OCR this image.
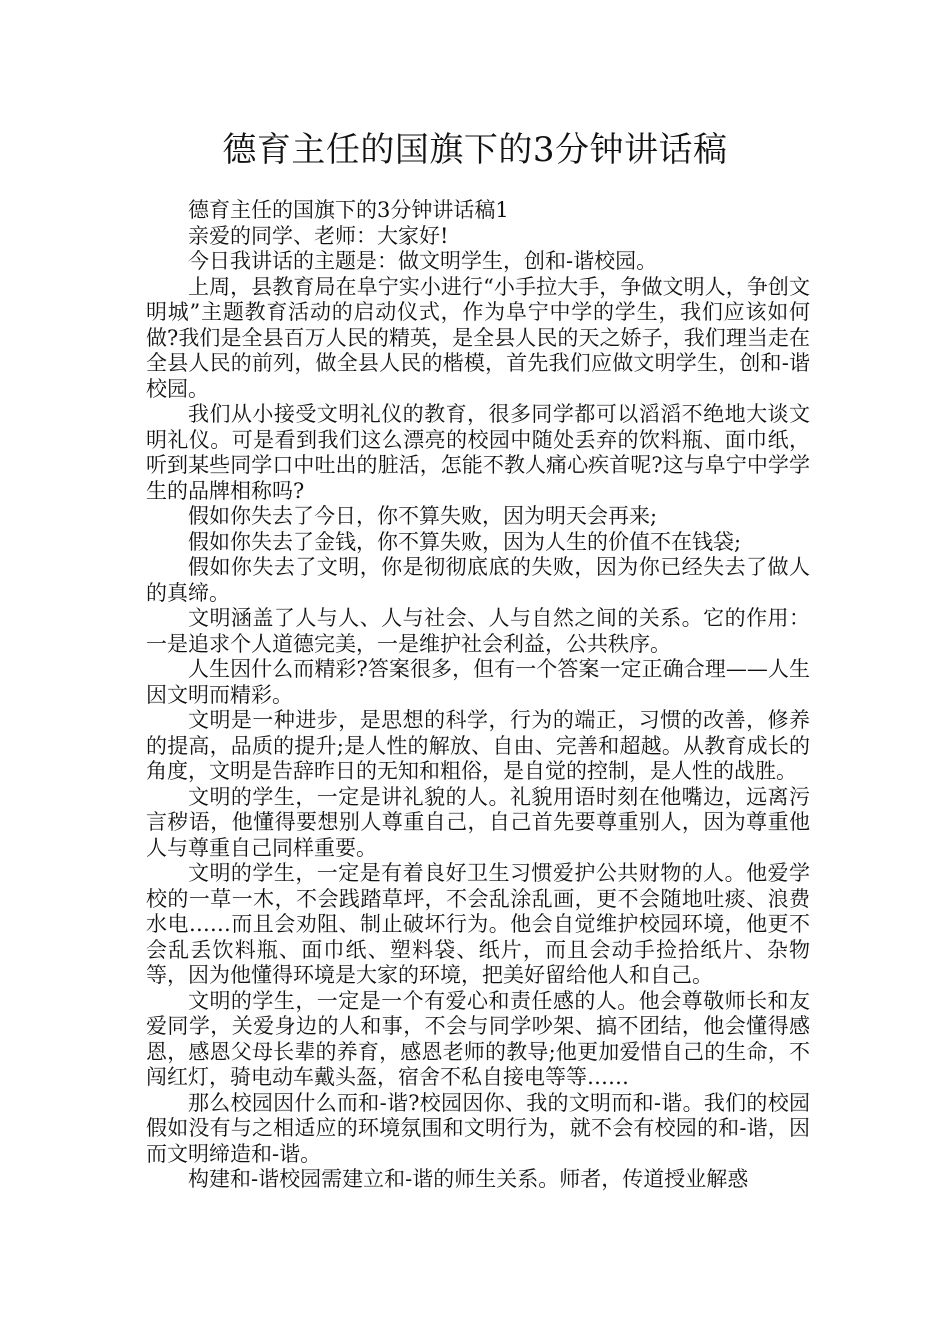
德育主任的国旗下的3分钟讲话稿

德育主任的国旗下的3分钟讲话稿1

亲爱的同学、老师：大家好!

今日我讲话的主题是：做文明学生，创和-谐校园。

上周，县教育局在阜宁实小进行“小手拉大手，争做文明人，争创文明城”主题教育活动的启动仪式，作为阜宁中学的学生，我们应该如何做?我们是全县百万人民的精英，是全县人民的天之娇子，我们理当走在全县人民的前列，做全县人民的楷模，首先我们应做文明学生，创和-谐校园。

我们从小接受文明礼仪的教育，很多同学都可以滔滔不绝地大谈文明礼仪。可是看到我们这么漂亮的校园中随处丢弃的饮料瓶、面巾纸，听到某些同学口中吐出的脏活，怎能不教人痛心疾首呢?这与阜宁中学学生的品牌相称吗?

假如你失去了今日，你不算失败，因为明天会再来;

假如你失去了金钱，你不算失败，因为人生的价值不在钱袋;

假如你失去了文明，你是彻彻底底的失败，因为你已经失去了做人的真缔。

文明涵盖了人与人、人与社会、人与自然之间的关系。它的作用：一是追求个人道德完美，一是维护社会利益，公共秩序。

人生因什么而精彩?答案很多，但有一个答案一定正确合理——人生因文明而精彩。

文明是一种进步，是思想的科学，行为的端正，习惯的改善，修养的提高，品质的提升;是人性的解放、自由、完善和超越。从教育成长的角度，文明是告辞昨日的无知和粗俗，是自觉的控制，是人性的战胜。

文明的学生，一定是讲礼貌的人。礼貌用语时刻在他嘴边，远离污言秽语，他懂得要想别人尊重自己，自己首先要尊重别人，因为尊重他人与尊重自己同样重要。

文明的学生，一定是有着良好卫生习惯爱护公共财物的人。他爱学校的一草一木，不会践踏草坪，不会乱涂乱画，更不会随地吐痰、浪费水电……而且会劝阻、制止破坏行为。他会自觉维护校园环境，他更不会乱丢饮料瓶、面巾纸、塑料袋、纸片，而且会动手捡拾纸片、杂物等，因为他懂得环境是大家的环境，把美好留给他人和自己。

文明的学生，一定是一个有爱心和责任感的人。他会尊敬师长和友爱同学，关爱身边的人和事，不会与同学吵架、搞不团结，他会懂得感恩，感恩父母长辈的养育，感恩老师的教导;他更加爱惜自己的生命，不闯红灯，骑电动车戴头盔，宿舍不私自接电等等……

那么校园因什么而和-谐?校园因你、我的文明而和-谐。我们的校园假如没有与之相适应的环境氛围和文明行为，就不会有校园的和-谐，因而文明缔造和-谐。

构建和-谐校园需建立和-谐的师生关系。师者，传道授业解惑
